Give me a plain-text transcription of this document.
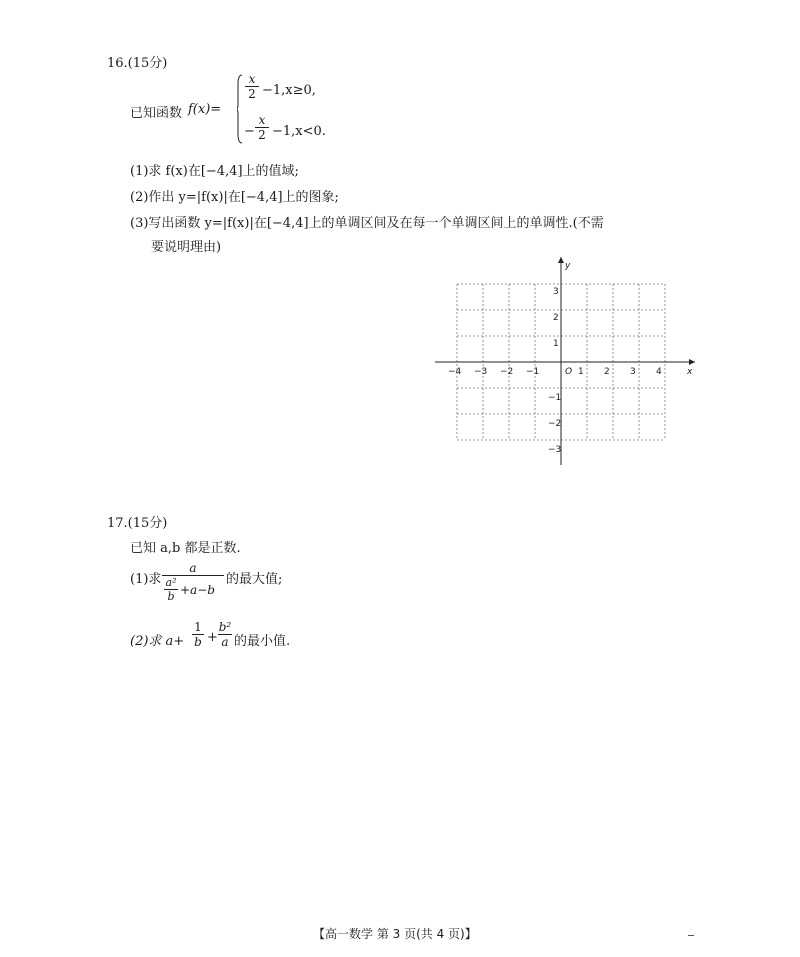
16.(15分)
已知函数 f(x)=
x
2 −1,x≥0,
−
x
2 −1,x<0.
(1)求 f(x)在[−4,4]上的值域;
(2)作出 y=|f(x)|在[−4,4]上的图象;
(3)写出函数 y=|f(x)|在[−4,4]上的单调区间及在每一个单调区间上的单调性.(不需
要说明理由)
−4 −3 −2 −1	O 1 2 3 4
3
2
1
−1
−2
−3
x
y
17.(15分)
已知 a,b 都是正数.
(1)求
a
a²
b +a−b
的最大值;
(2)求 a+
1
b +
b²
a 的最小值.
【高一数学 第 3 页(共 4 页)】
